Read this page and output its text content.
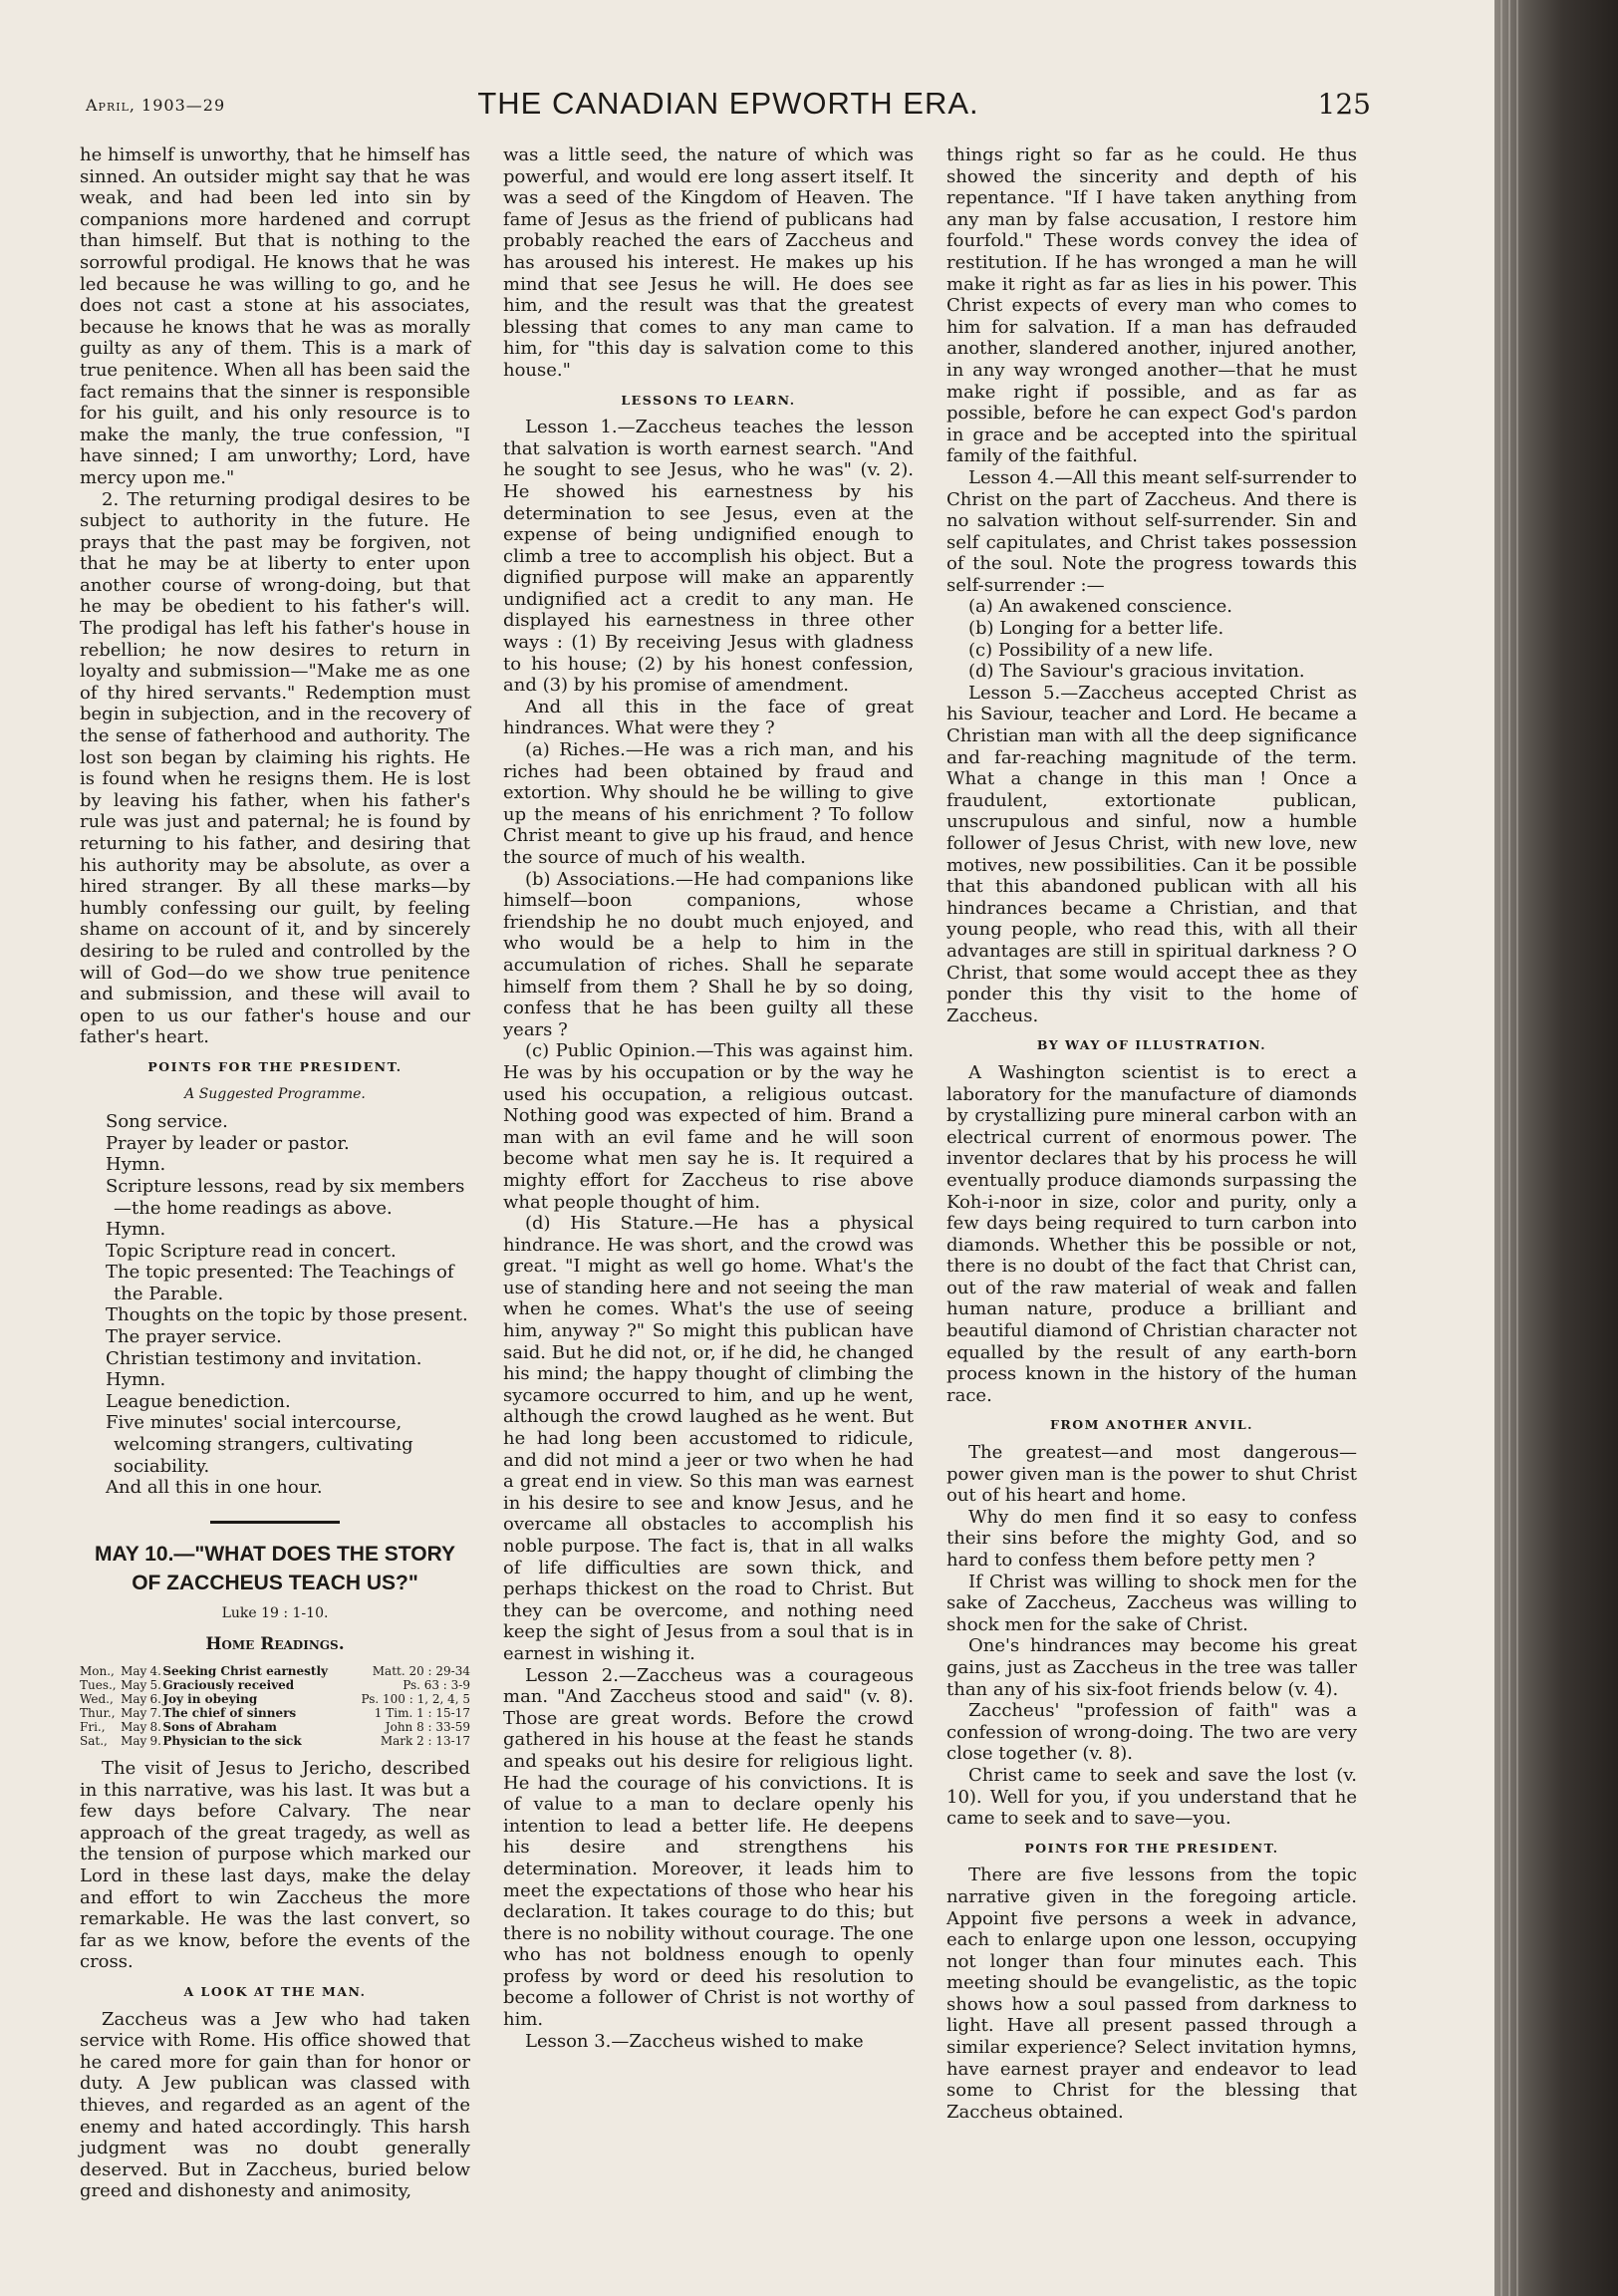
April, 1903—29	THE CANADIAN EPWORTH ERA.	125

he himself is unworthy, that he himself has sinned. An outsider might say that he was weak, and had been led into sin by companions more hardened and corrupt than himself. But that is nothing to the sorrowful prodigal. He knows that he was led because he was willing to go, and he does not cast a stone at his associates, because he knows that he was as morally guilty as any of them. This is a mark of true penitence. When all has been said the fact remains that the sinner is responsible for his guilt, and his only resource is to make the manly, the true confession, "I have sinned; I am unworthy; Lord, have mercy upon me."

2. The returning prodigal desires to be subject to authority in the future. He prays that the past may be forgiven, not that he may be at liberty to enter upon another course of wrong-doing, but that he may be obedient to his father's will. The prodigal has left his father's house in rebellion; he now desires to return in loyalty and submission—"Make me as one of thy hired servants." Redemption must begin in subjection, and in the recovery of the sense of fatherhood and authority. The lost son began by claiming his rights. He is found when he resigns them. He is lost by leaving his father, when his father's rule was just and paternal; he is found by returning to his father, and desiring that his authority may be absolute, as over a hired stranger. By all these marks—by humbly confessing our guilt, by feeling shame on account of it, and by sincerely desiring to be ruled and controlled by the will of God—do we show true penitence and submission, and these will avail to open to us our father's house and our father's heart.

POINTS FOR THE PRESIDENT.
A Suggested Programme.
Song service.
Prayer by leader or pastor.
Hymn.
Scripture lessons, read by six members —the home readings as above.
Hymn.
Topic Scripture read in concert.
The topic presented: The Teachings of the Parable.
Thoughts on the topic by those present.
The prayer service.
Christian testimony and invitation.
Hymn.
League benediction.
Five minutes' social intercourse, welcoming strangers, cultivating sociability.
And all this in one hour.
MAY 10.—"WHAT DOES THE STORY OF ZACCHEUS TEACH US?"
Luke 19 : 1-10.
Home Readings.
Mon.,	May	4.	Seeking Christ earnestly	Matt. 20 : 29-34
Tues.,	May	5.	Graciously received	Ps. 63 : 3-9
Wed.,	May	6.	Joy in obeying	Ps. 100 : 1, 2, 4, 5
Thur.,	May	7.	The chief of sinners	1 Tim. 1 : 15-17
Fri.,	May	8.	Sons of Abraham	John 8 : 33-59
Sat.,	May	9.	Physician to the sick	Mark 2 : 13-17

The visit of Jesus to Jericho, described in this narrative, was his last. It was but a few days before Calvary. The near approach of the great tragedy, as well as the tension of purpose which marked our Lord in these last days, make the delay and effort to win Zaccheus the more remarkable. He was the last convert, so far as we know, before the events of the cross.

A LOOK AT THE MAN.

Zaccheus was a Jew who had taken service with Rome. His office showed that he cared more for gain than for honor or duty. A Jew publican was classed with thieves, and regarded as an agent of the enemy and hated accordingly. This harsh judgment was no doubt generally deserved. But in Zaccheus, buried below greed and dishonesty and animosity,

was a little seed, the nature of which was powerful, and would ere long assert itself. It was a seed of the Kingdom of Heaven. The fame of Jesus as the friend of publicans had probably reached the ears of Zaccheus and has aroused his interest. He makes up his mind that see Jesus he will. He does see him, and the result was that the greatest blessing that comes to any man came to him, for "this day is salvation come to this house."

LESSONS TO LEARN.

Lesson 1.—Zaccheus teaches the lesson that salvation is worth earnest search. "And he sought to see Jesus, who he was" (v. 2). He showed his earnestness by his determination to see Jesus, even at the expense of being undignified enough to climb a tree to accomplish his object. But a dignified purpose will make an apparently undignified act a credit to any man. He displayed his earnestness in three other ways : (1) By receiving Jesus with gladness to his house; (2) by his honest confession, and (3) by his promise of amendment.

And all this in the face of great hindrances. What were they ?

(a) Riches.—He was a rich man, and his riches had been obtained by fraud and extortion. Why should he be willing to give up the means of his enrichment ? To follow Christ meant to give up his fraud, and hence the source of much of his wealth.

(b) Associations.—He had companions like himself—boon companions, whose friendship he no doubt much enjoyed, and who would be a help to him in the accumulation of riches. Shall he separate himself from them ? Shall he by so doing, confess that he has been guilty all these years ?

(c) Public Opinion.—This was against him. He was by his occupation or by the way he used his occupation, a religious outcast. Nothing good was expected of him. Brand a man with an evil fame and he will soon become what men say he is. It required a mighty effort for Zaccheus to rise above what people thought of him.

(d) His Stature.—He has a physical hindrance. He was short, and the crowd was great. "I might as well go home. What's the use of standing here and not seeing the man when he comes. What's the use of seeing him, anyway ?" So might this publican have said. But he did not, or, if he did, he changed his mind; the happy thought of climbing the sycamore occurred to him, and up he went, although the crowd laughed as he went. But he had long been accustomed to ridicule, and did not mind a jeer or two when he had a great end in view. So this man was earnest in his desire to see and know Jesus, and he overcame all obstacles to accomplish his noble purpose. The fact is, that in all walks of life difficulties are sown thick, and perhaps thickest on the road to Christ. But they can be overcome, and nothing need keep the sight of Jesus from a soul that is in earnest in wishing it.

Lesson 2.—Zaccheus was a courageous man. "And Zaccheus stood and said" (v. 8). Those are great words. Before the crowd gathered in his house at the feast he stands and speaks out his desire for religious light. He had the courage of his convictions. It is of value to a man to declare openly his intention to lead a better life. He deepens his desire and strengthens his determination. Moreover, it leads him to meet the expectations of those who hear his declaration. It takes courage to do this; but there is no nobility without courage. The one who has not boldness enough to openly profess by word or deed his resolution to become a follower of Christ is not worthy of him.

Lesson 3.—Zaccheus wished to make

things right so far as he could. He thus showed the sincerity and depth of his repentance. "If I have taken anything from any man by false accusation, I restore him fourfold." These words convey the idea of restitution. If he has wronged a man he will make it right as far as lies in his power. This Christ expects of every man who comes to him for salvation. If a man has defrauded another, slandered another, injured another, in any way wronged another—that he must make right if possible, and as far as possible, before he can expect God's pardon in grace and be accepted into the spiritual family of the faithful.

Lesson 4.—All this meant self-surrender to Christ on the part of Zaccheus. And there is no salvation without self-surrender. Sin and self capitulates, and Christ takes possession of the soul. Note the progress towards this self-surrender :—

(a) An awakened conscience.
(b) Longing for a better life.
(c) Possibility of a new life.
(d) The Saviour's gracious invitation.

Lesson 5.—Zaccheus accepted Christ as his Saviour, teacher and Lord. He became a Christian man with all the deep significance and far-reaching magnitude of the term. What a change in this man ! Once a fraudulent, extortionate publican, unscrupulous and sinful, now a humble follower of Jesus Christ, with new love, new motives, new possibilities. Can it be possible that this abandoned publican with all his hindrances became a Christian, and that young people, who read this, with all their advantages are still in spiritual darkness ? O Christ, that some would accept thee as they ponder this thy visit to the home of Zaccheus.

BY WAY OF ILLUSTRATION.

A Washington scientist is to erect a laboratory for the manufacture of diamonds by crystallizing pure mineral carbon with an electrical current of enormous power. The inventor declares that by his process he will eventually produce diamonds surpassing the Koh-i-noor in size, color and purity, only a few days being required to turn carbon into diamonds. Whether this be possible or not, there is no doubt of the fact that Christ can, out of the raw material of weak and fallen human nature, produce a brilliant and beautiful diamond of Christian character not equalled by the result of any earth-born process known in the history of the human race.

FROM ANOTHER ANVIL.

The greatest—and most dangerous—power given man is the power to shut Christ out of his heart and home.

Why do men find it so easy to confess their sins before the mighty God, and so hard to confess them before petty men ?

If Christ was willing to shock men for the sake of Zaccheus, Zaccheus was willing to shock men for the sake of Christ.

One's hindrances may become his great gains, just as Zaccheus in the tree was taller than any of his six-foot friends below (v. 4).

Zaccheus' "profession of faith" was a confession of wrong-doing. The two are very close together (v. 8).

Christ came to seek and save the lost (v. 10). Well for you, if you understand that he came to seek and to save—you.

POINTS FOR THE PRESIDENT.

There are five lessons from the topic narrative given in the foregoing article. Appoint five persons a week in advance, each to enlarge upon one lesson, occupying not longer than four minutes each. This meeting should be evangelistic, as the topic shows how a soul passed from darkness to light. Have all present passed through a similar experience? Select invitation hymns, have earnest prayer and endeavor to lead some to Christ for the blessing that Zaccheus obtained.
